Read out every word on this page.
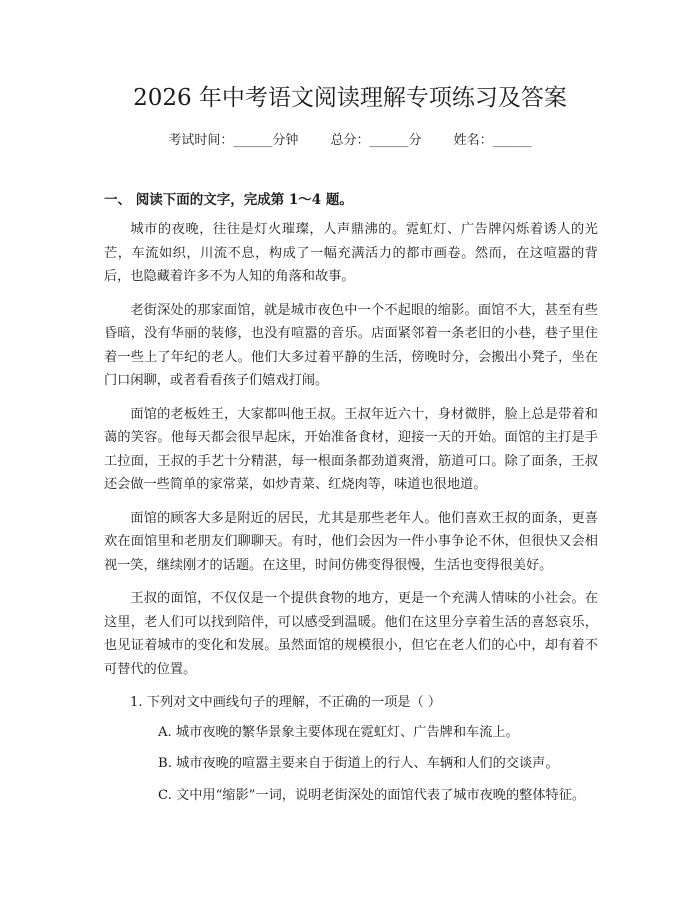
2026 年中考语文阅读理解专项练习及答案
考试时间：______分钟 总分：______分 姓名：______
一、 阅读下面的文字，完成第 1～4 题。

城市的夜晚，往往是灯火璀璨，人声鼎沸的。霓虹灯、广告牌闪烁着诱人的光芒，车流如织，川流不息，构成了一幅充满活力的都市画卷。然而，在这喧嚣的背后，也隐藏着许多不为人知的角落和故事。

老街深处的那家面馆，就是城市夜色中一个不起眼的缩影。面馆不大，甚至有些昏暗，没有华丽的装修，也没有喧嚣的音乐。店面紧邻着一条老旧的小巷，巷子里住着一些上了年纪的老人。他们大多过着平静的生活，傍晚时分，会搬出小凳子，坐在门口闲聊，或者看看孩子们嬉戏打闹。

面馆的老板姓王，大家都叫他王叔。王叔年近六十，身材微胖，脸上总是带着和蔼的笑容。他每天都会很早起床，开始准备食材，迎接一天的开始。面馆的主打是手工拉面，王叔的手艺十分精湛，每一根面条都劲道爽滑，筋道可口。除了面条，王叔还会做一些简单的家常菜，如炒青菜、红烧肉等，味道也很地道。

面馆的顾客大多是附近的居民，尤其是那些老年人。他们喜欢王叔的面条，更喜欢在面馆里和老朋友们聊聊天。有时，他们会因为一件小事争论不休，但很快又会相视一笑，继续刚才的话题。在这里，时间仿佛变得很慢，生活也变得很美好。

王叔的面馆，不仅仅是一个提供食物的地方，更是一个充满人情味的小社会。在这里，老人们可以找到陪伴，可以感受到温暖。他们在这里分享着生活的喜怒哀乐，也见证着城市的变化和发展。虽然面馆的规模很小，但它在老人们的心中，却有着不可替代的位置。

1. 下列对文中画线句子的理解，不正确的一项是（ ）

A. 城市夜晚的繁华景象主要体现在霓虹灯、广告牌和车流上。

B. 城市夜晚的喧嚣主要来自于街道上的行人、车辆和人们的交谈声。

C. 文中用“缩影”一词，说明老街深处的面馆代表了城市夜晚的整体特征。
